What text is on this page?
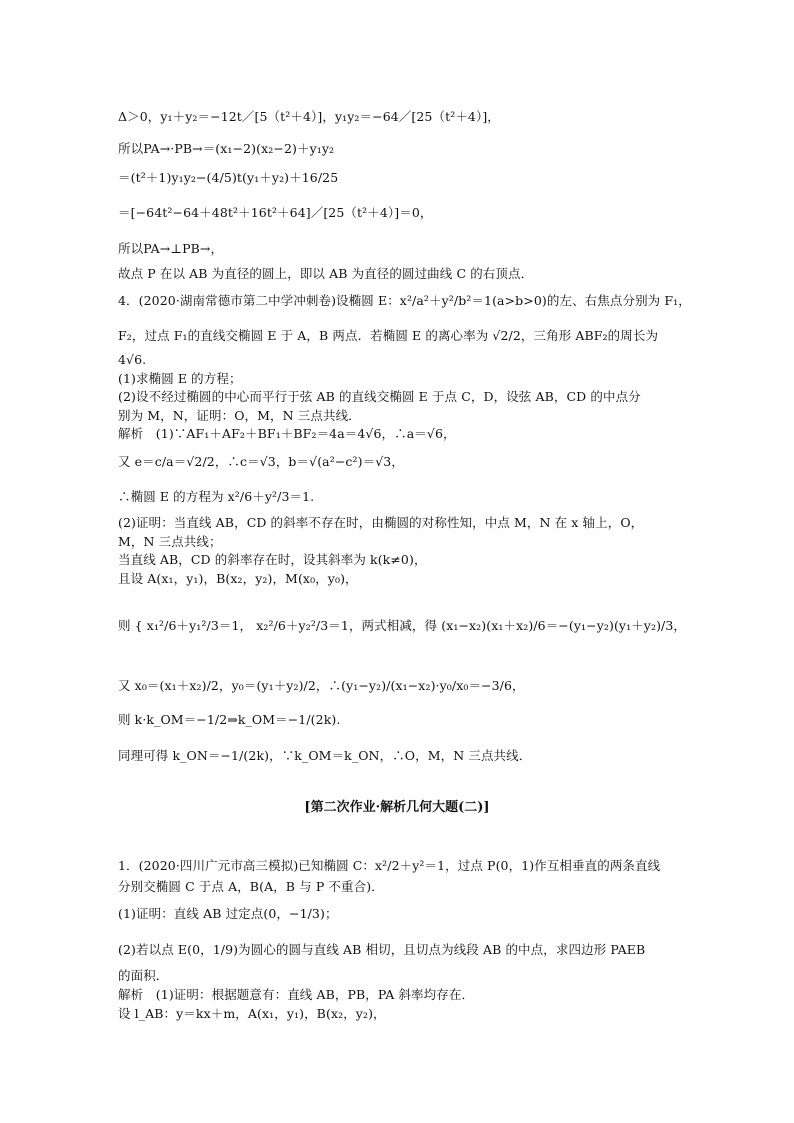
Δ＞0，y₁＋y₂＝−12t／[5（t²＋4）]，y₁y₂＝−64／[25（t²＋4）]，
所以PA→·PB→＝(x₁−2)(x₂−2)＋y₁y₂
＝(t²＋1)y₁y₂−(4/5)t(y₁＋y₂)＋16/25
＝[−64t²−64＋48t²＋16t²＋64]／[25（t²＋4）]＝0，
所以PA→⊥PB→，
故点 P 在以 AB 为直径的圆上，即以 AB 为直径的圆过曲线 C 的右顶点．
4．(2020·湖南常德市第二中学冲刺卷)设椭圆 E：x²/a²＋y²/b²＝1(a>b>0)的左、右焦点分别为 F₁，
F₂，过点 F₁的直线交椭圆 E 于 A，B 两点．若椭圆 E 的离心率为 √2/2，三角形 ABF₂的周长为
4√6.
(1)求椭圆 E 的方程；
(2)设不经过椭圆的中心而平行于弦 AB 的直线交椭圆 E 于点 C，D，设弦 AB，CD 的中点分
别为 M，N，证明：O，M，N 三点共线．
解析　(1)∵AF₁＋AF₂＋BF₁＋BF₂＝4a＝4√6，∴a＝√6，
又 e＝c/a＝√2/2，∴c＝√3，b＝√(a²−c²)＝√3，
∴椭圆 E 的方程为 x²/6＋y²/3＝1.
(2)证明：当直线 AB，CD 的斜率不存在时，由椭圆的对称性知，中点 M，N 在 x 轴上，O，
M，N 三点共线；
当直线 AB，CD 的斜率存在时，设其斜率为 k(k≠0)，
且设 A(x₁，y₁)，B(x₂，y₂)，M(x₀，y₀)，
则 { x₁²/6＋y₁²/3＝1， x₂²/6＋y₂²/3＝1，两式相减，得 (x₁−x₂)(x₁＋x₂)/6＝−(y₁−y₂)(y₁＋y₂)/3，
又 x₀＝(x₁＋x₂)/2，y₀＝(y₁＋y₂)/2，∴(y₁−y₂)/(x₁−x₂)·y₀/x₀＝−3/6，
则 k·k_OM＝−1/2⇒k_OM＝−1/(2k).
同理可得 k_ON＝−1/(2k)，∵k_OM＝k_ON，∴O，M，N 三点共线．
[第二次作业·解析几何大题(二)]
1．(2020·四川广元市高三模拟)已知椭圆 C：x²/2＋y²＝1，过点 P(0，1)作互相垂直的两条直线
分别交椭圆 C 于点 A，B(A，B 与 P 不重合)．
(1)证明：直线 AB 过定点(0，−1/3)；
(2)若以点 E(0，1/9)为圆心的圆与直线 AB 相切，且切点为线段 AB 的中点，求四边形 PAEB
的面积．
解析　(1)证明：根据题意有：直线 AB，PB，PA 斜率均存在．
设 l_AB：y＝kx＋m，A(x₁，y₁)，B(x₂，y₂)，
